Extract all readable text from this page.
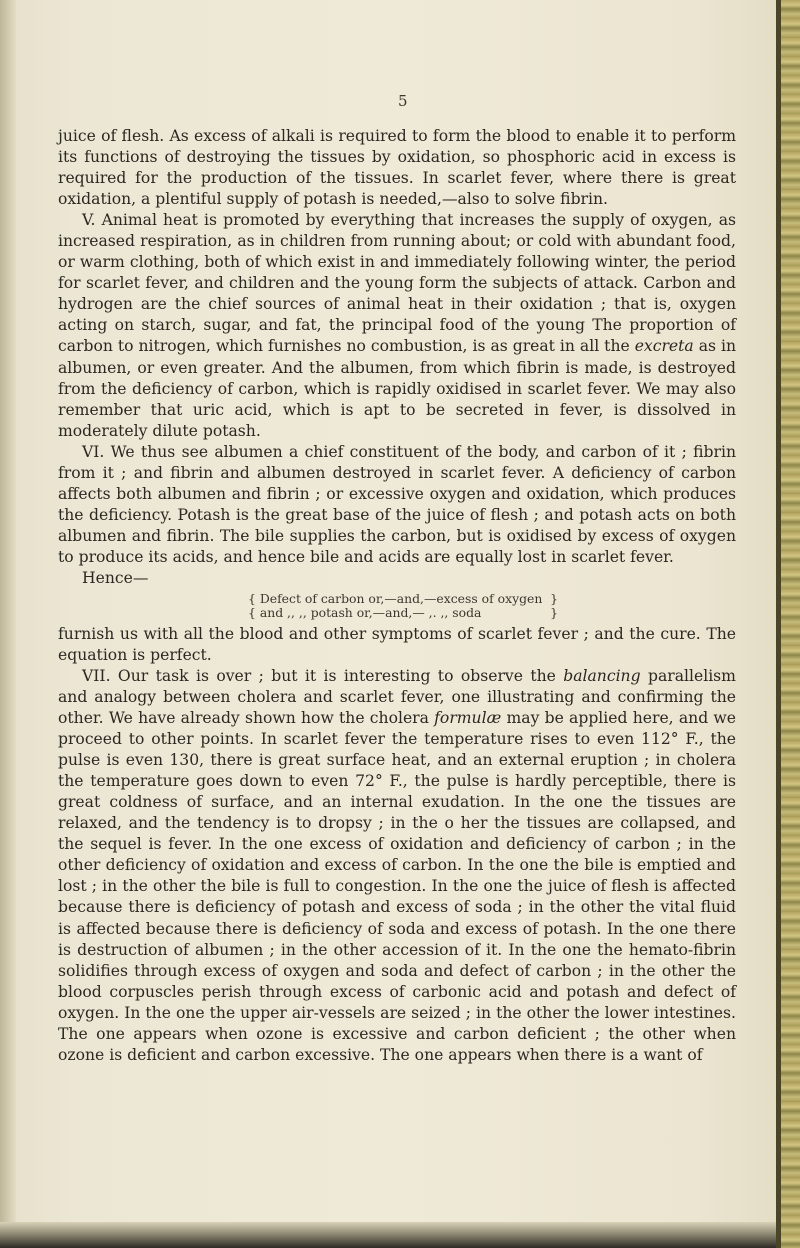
5

juice of flesh. As excess of alkali is required to form the blood to enable it to perform its functions of destroying the tissues by oxidation, so phosphoric acid in excess is required for the production of the tissues. In scarlet fever, where there is great oxidation, a plentiful supply of potash is needed,—also to solve fibrin.

V. Animal heat is promoted by everything that increases the supply of oxygen, as increased respiration, as in children from running about; or cold with abundant food, or warm clothing, both of which exist in and immediately following winter, the period for scarlet fever, and children and the young form the subjects of attack. Carbon and hydrogen are the chief sources of animal heat in their oxidation ; that is, oxygen acting on starch, sugar, and fat, the principal food of the young The proportion of carbon to nitrogen, which furnishes no combustion, is as great in all the excreta as in albumen, or even greater. And the albumen, from which fibrin is made, is destroyed from the deficiency of carbon, which is rapidly oxidised in scarlet fever. We may also remember that uric acid, which is apt to be secreted in fever, is dissolved in moderately dilute potash.

VI. We thus see albumen a chief constituent of the body, and carbon of it ; fibrin from it ; and fibrin and albumen destroyed in scarlet fever. A deficiency of carbon affects both albumen and fibrin ; or excessive oxygen and oxidation, which produces the deficiency. Potash is the great base of the juice of flesh ; and potash acts on both albumen and fibrin. The bile supplies the carbon, but is oxidised by excess of oxygen to produce its acids, and hence bile and acids are equally lost in scarlet fever.

Hence—

{ Defect of carbon or,—and,—excess of oxygen }
{ and ,, ,, potash or,—and,— ,. ,, soda	}

furnish us with all the blood and other symptoms of scarlet fever ; and the cure. The equation is perfect.

VII. Our task is over ; but it is interesting to observe the balancing parallelism and analogy between cholera and scarlet fever, one illustrating and confirming the other. We have already shown how the cholera formulæ may be applied here, and we proceed to other points. In scarlet fever the temperature rises to even 112° F., the pulse is even 130, there is great surface heat, and an external eruption ; in cholera the temperature goes down to even 72° F., the pulse is hardly perceptible, there is great coldness of surface, and an internal exudation. In the one the tissues are relaxed, and the tendency is to dropsy ; in the o her the tissues are collapsed, and the sequel is fever. In the one excess of oxidation and deficiency of carbon ; in the other deficiency of oxidation and excess of carbon. In the one the bile is emptied and lost ; in the other the bile is full to congestion. In the one the juice of flesh is affected because there is deficiency of potash and excess of soda ; in the other the vital fluid is affected because there is deficiency of soda and excess of potash. In the one there is destruction of albumen ; in the other accession of it. In the one the hemato-fibrin solidifies through excess of oxygen and soda and defect of carbon ; in the other the blood corpuscles perish through excess of carbonic acid and potash and defect of oxygen. In the one the upper air-vessels are seized ; in the other the lower intestines. The one appears when ozone is excessive and carbon deficient ; the other when ozone is deficient and carbon excessive. The one appears when there is a want of
